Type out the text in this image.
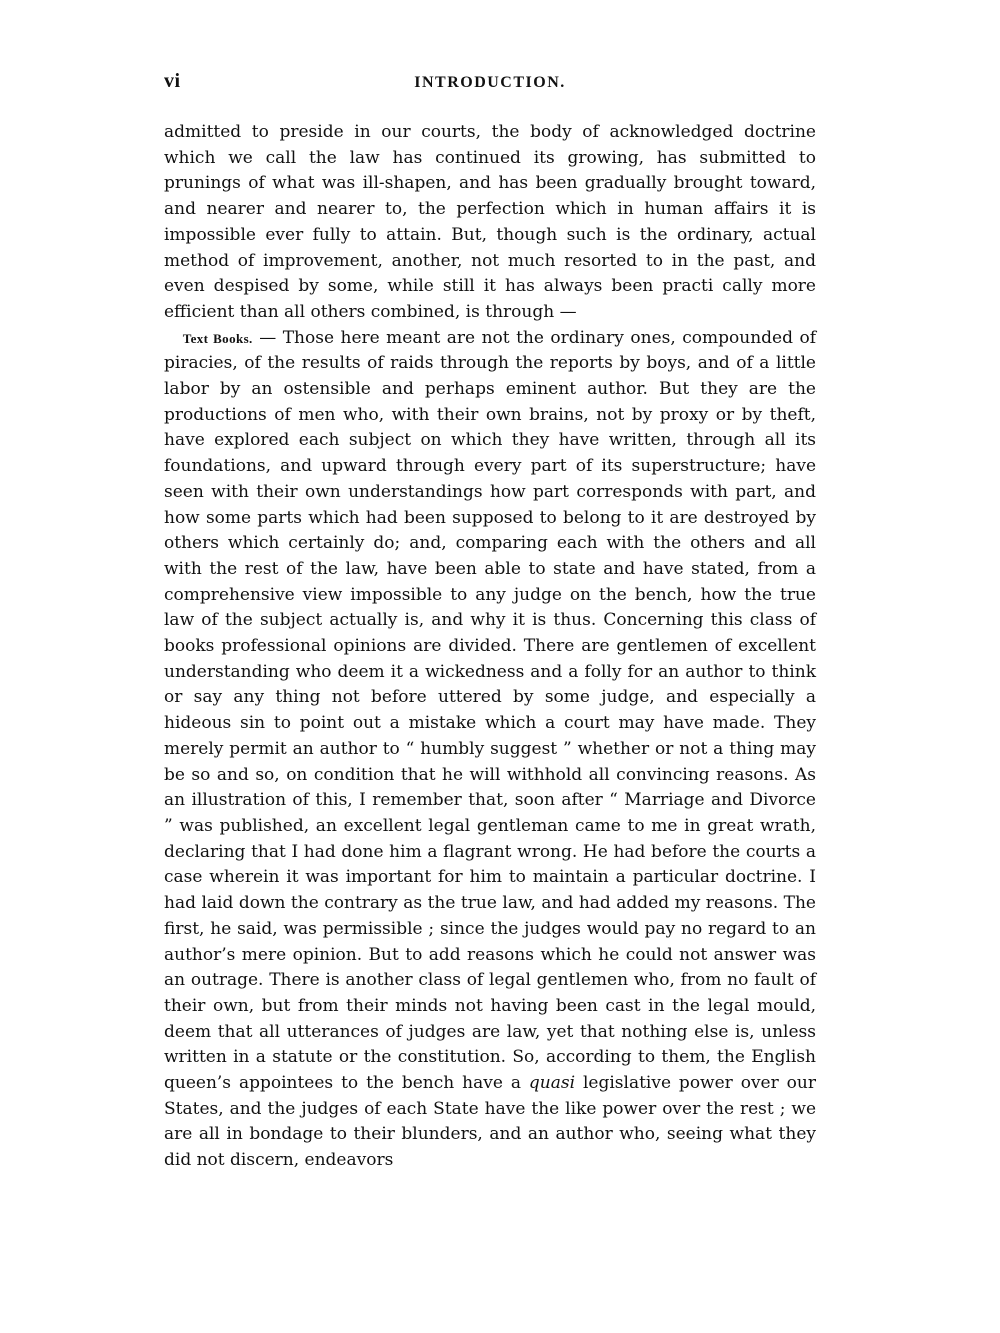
vi	INTRODUCTION.

admitted to preside in our courts, the body of acknowledged doctrine which we call the law has continued its growing, has submitted to prunings of what was ill-shapen, and has been gradually brought toward, and nearer and nearer to, the perfection which in human affairs it is impossible ever fully to attain. But, though such is the ordinary, actual method of improvement, another, not much resorted to in the past, and even despised by some, while still it has always been practi cally more efficient than all others combined, is through —

Text Books. — Those here meant are not the ordinary ones, compounded of piracies, of the results of raids through the reports by boys, and of a little labor by an ostensible and perhaps eminent author. But they are the productions of men who, with their own brains, not by proxy or by theft, have explored each subject on which they have written, through all its foundations, and upward through every part of its superstructure; have seen with their own understandings how part corresponds with part, and how some parts which had been supposed to belong to it are destroyed by others which certainly do; and, comparing each with the others and all with the rest of the law, have been able to state and have stated, from a comprehensive view impossible to any judge on the bench, how the true law of the subject actually is, and why it is thus. Concerning this class of books professional opinions are divided. There are gentlemen of excellent understanding who deem it a wickedness and a folly for an author to think or say any thing not before uttered by some judge, and especially a hideous sin to point out a mistake which a court may have made. They merely permit an author to “ humbly suggest ” whether or not a thing may be so and so, on condition that he will withhold all convincing reasons. As an illustration of this, I remember that, soon after “ Marriage and Divorce ” was published, an excellent legal gentleman came to me in great wrath, declaring that I had done him a flagrant wrong. He had before the courts a case wherein it was important for him to maintain a particular doctrine. I had laid down the contrary as the true law, and had added my reasons. The first, he said, was permissible ; since the judges would pay no regard to an author’s mere opinion. But to add reasons which he could not answer was an outrage. There is another class of legal gentlemen who, from no fault of their own, but from their minds not having been cast in the legal mould, deem that all utterances of judges are law, yet that nothing else is, unless written in a statute or the constitution. So, according to them, the English queen’s appointees to the bench have a quasi legislative power over our States, and the judges of each State have the like power over the rest ; we are all in bondage to their blunders, and an author who, seeing what they did not discern, endeavors
